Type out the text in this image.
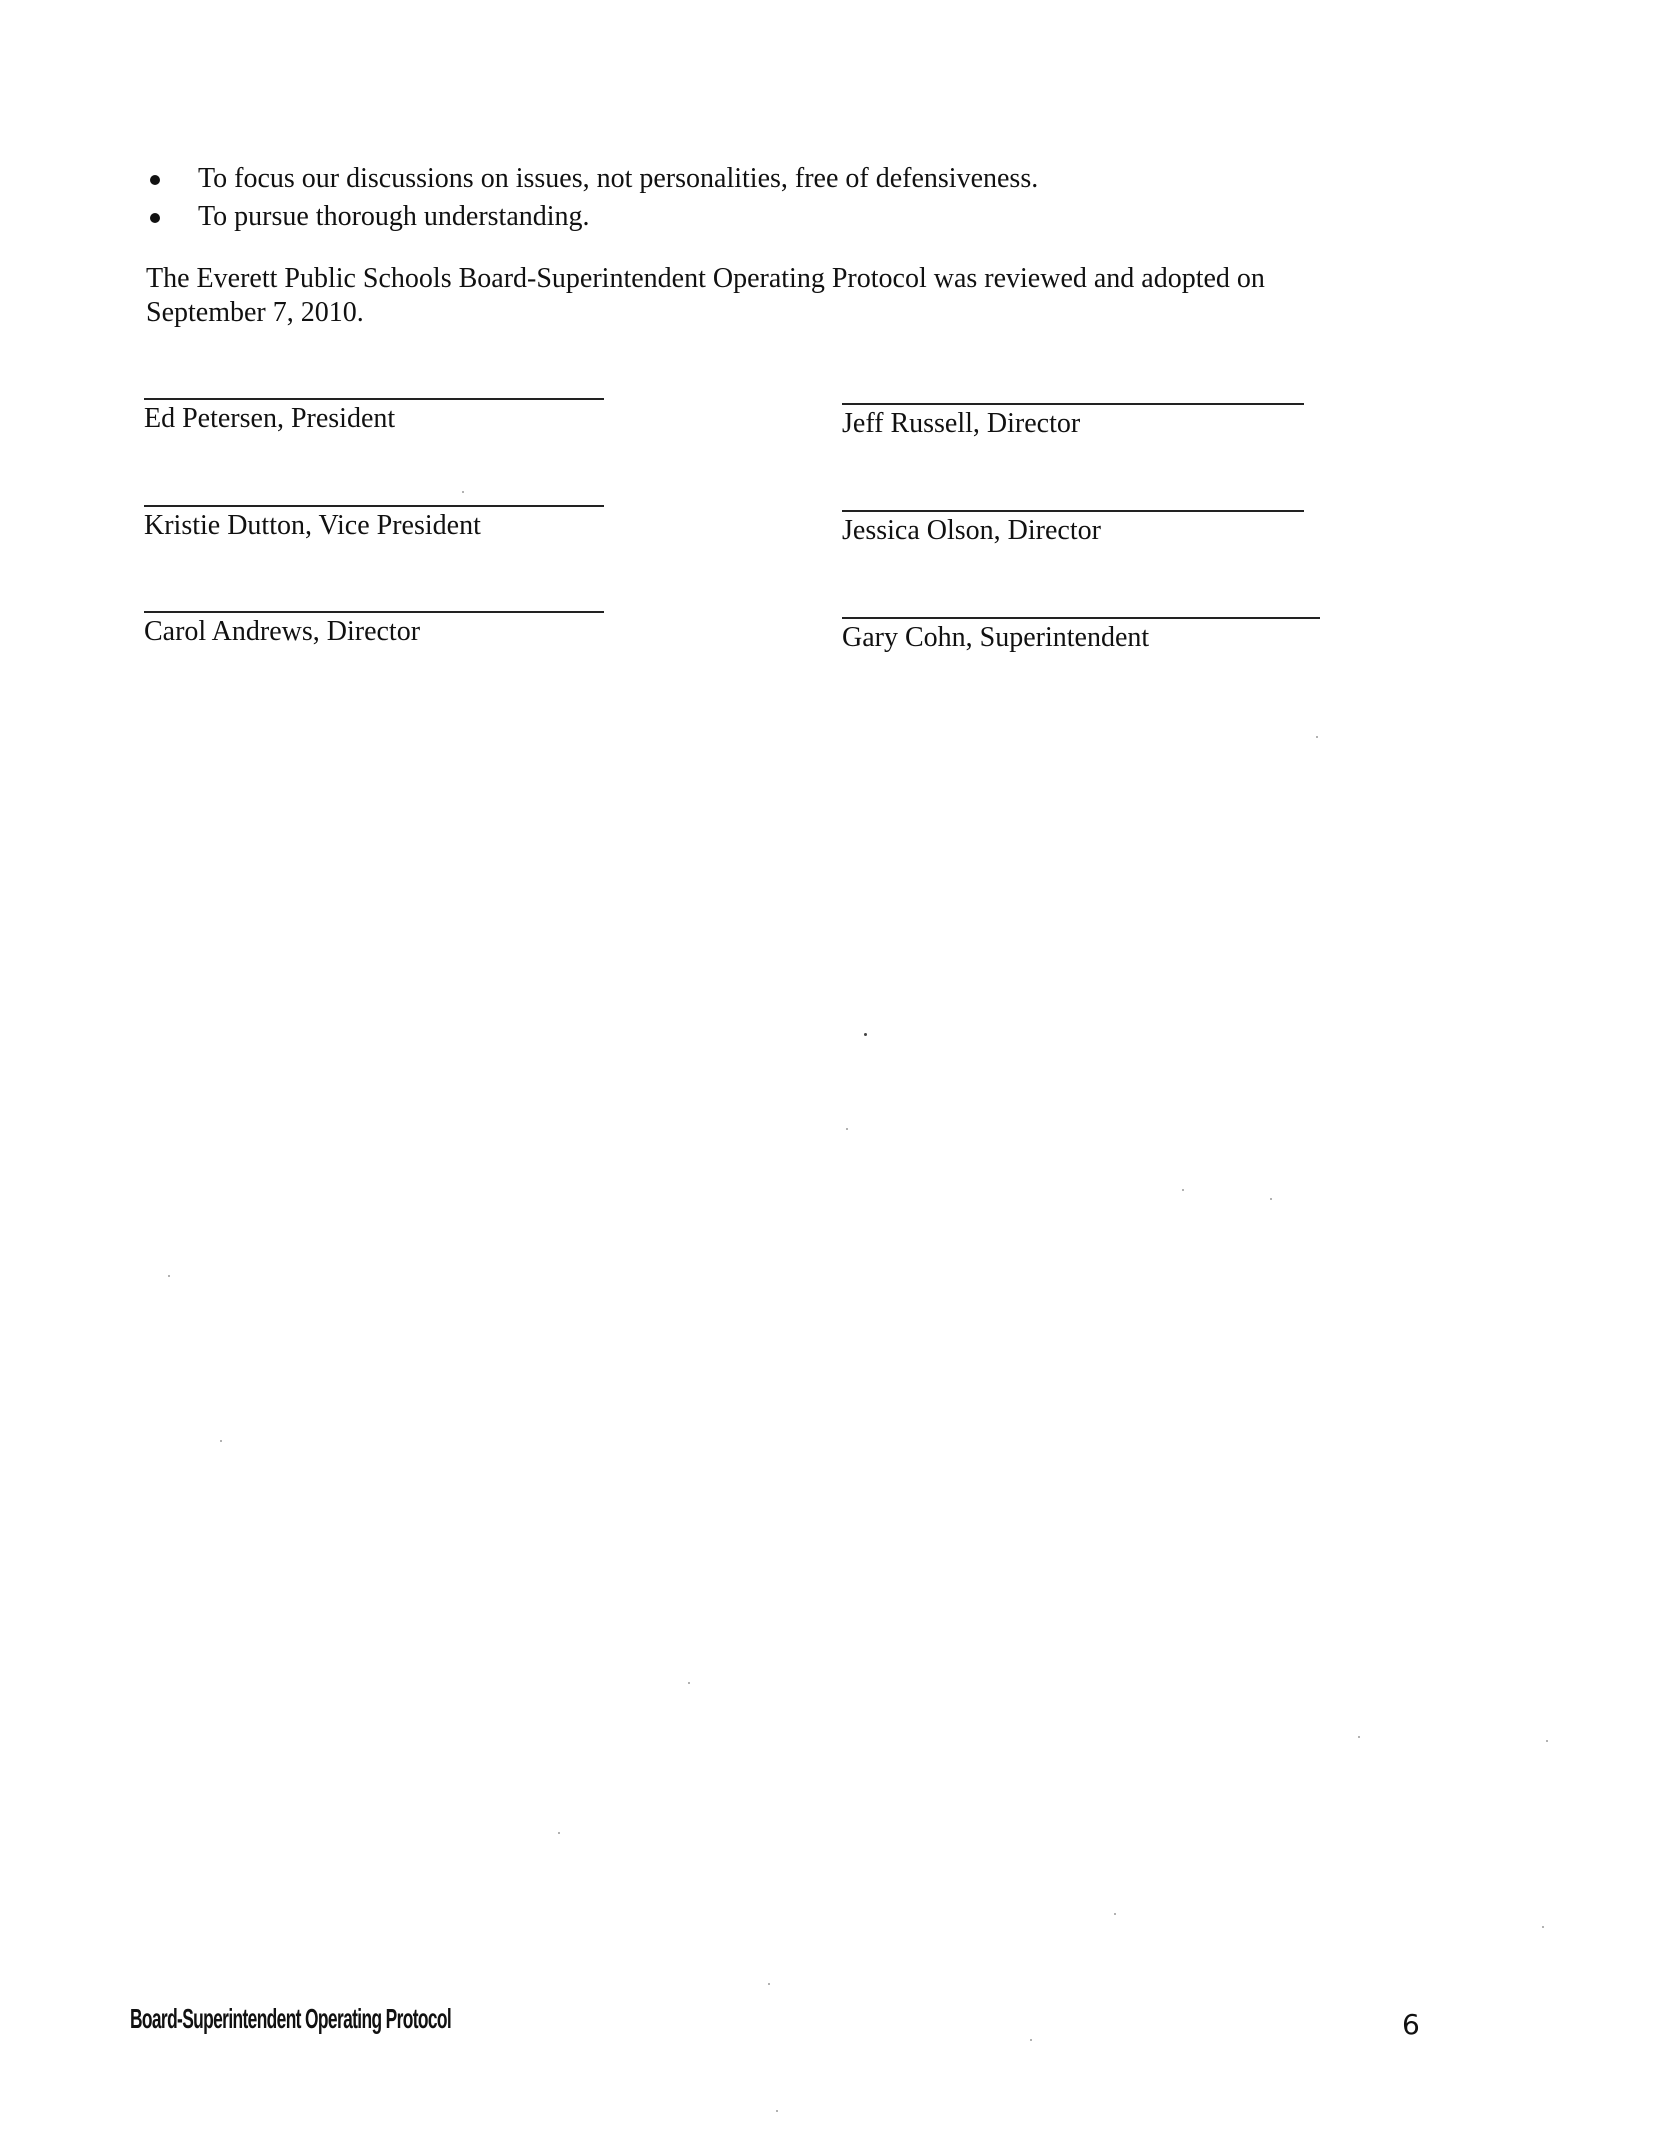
To focus our discussions on issues, not personalities, free of defensiveness.
To pursue thorough understanding.

The Everett Public Schools Board-Superintendent Operating Protocol was reviewed and adopted on September 7, 2010.

Ed Petersen, President
Kristie Dutton, Vice President
Carol Andrews, Director
Jeff Russell, Director
Jessica Olson, Director
Gary Cohn, Superintendent
Board-Superintendent Operating Protocol	6
